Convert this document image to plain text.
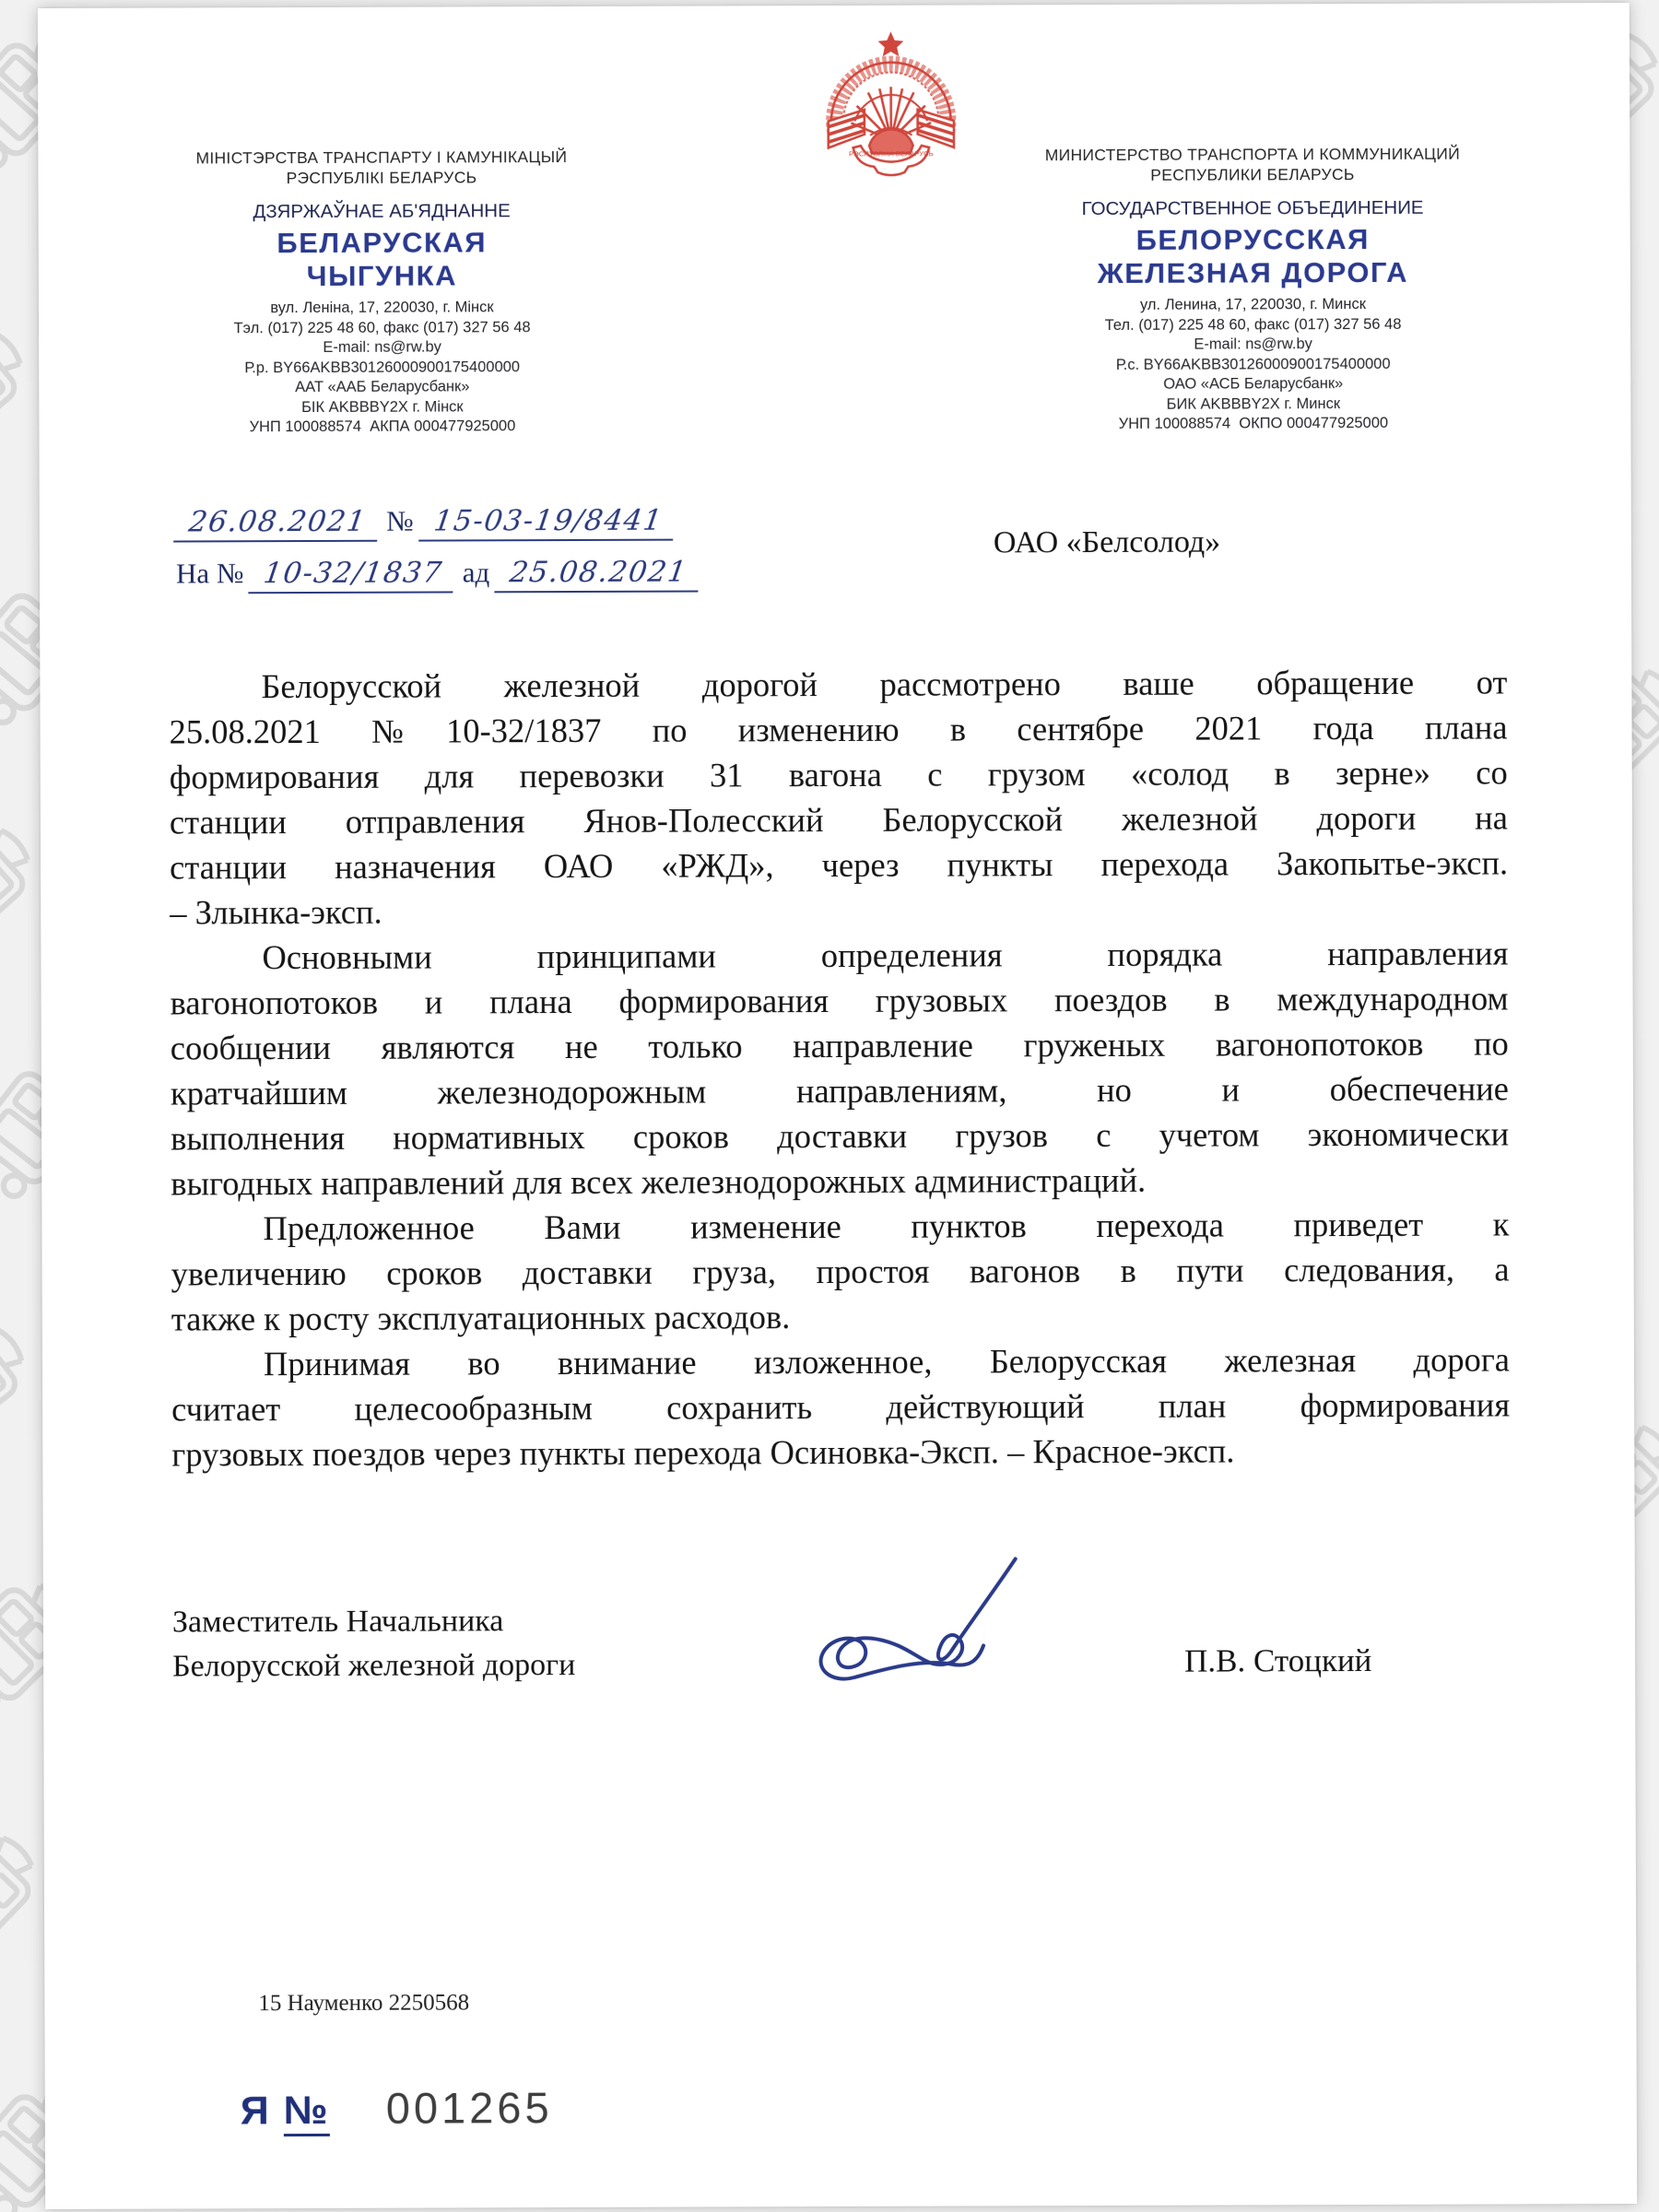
РЭСПУБЛІКА БЕЛАРУСЬ
МІНІСТЭРСТВА ТРАНСПАРТУ І КАМУНІКАЦЫЙ
РЭСПУБЛІКІ БЕЛАРУСЬ
ДЗЯРЖАЎНАЕ АБ'ЯДНАННЕ
БЕЛАРУСКАЯ
ЧЫГУНКА
вул. Леніна, 17, 220030, г. Мінск
Тэл. (017) 225 48 60, факс (017) 327 56 48
E-mail: ns@rw.by
Р.р. BY66AKBB30126000900175400000
ААТ «ААБ Беларусбанк»
БІК AKBBBY2X г. Мінск
УНП 100088574  АКПА 000477925000
МИНИСТЕРСТВО ТРАНСПОРТА И КОММУНИКАЦИЙ
РЕСПУБЛИКИ БЕЛАРУСЬ
ГОСУДАРСТВЕННОЕ ОБЪЕДИНЕНИЕ
БЕЛОРУССКАЯ
ЖЕЛЕЗНАЯ ДОРОГА
ул. Ленина, 17, 220030, г. Минск
Тел. (017) 225 48 60, факс (017) 327 56 48
E-mail: ns@rw.by
Р.с. BY66AKBB30126000900175400000
ОАО «АСБ Беларусбанк»
БИК AKBBBY2X г. Минск
УНП 100088574  ОКПО 000477925000
26.08.2021 № 15-03-19/8441
На № 10-32/1837 ад 25.08.2021
ОАО «Белсолод»
Белорусской железной дорогой рассмотрено ваше обращение от
25.08.2021 №10-32/1837 по изменению в сентябре 2021 года плана
формирования для перевозки 31 вагона с грузом «солод в зерне» со
станции отправления Янов-Полесский Белорусской железной дороги на
станции назначения ОАО «РЖД», через пункты перехода Закопытье-эксп.
– Злынка-эксп.
Основными принципами определения порядка направления
вагонопотоков и плана формирования грузовых поездов в международном
сообщении являются не только направление груженых вагонопотоков по
кратчайшим железнодорожным направлениям, но и обеспечение
выполнения нормативных сроков доставки грузов с учетом экономически
выгодных направлений для всех железнодорожных администраций.
Предложенное Вами изменение пунктов перехода приведет к
увеличению сроков доставки груза, простоя вагонов в пути следования, а
также к росту эксплуатационных расходов.
Принимая во внимание изложенное, Белорусская железная дорога
считает целесообразным сохранить действующий план формирования
грузовых поездов через пункты перехода Осиновка-Эксп. – Красное-эксп.
Заместитель Начальника
Белорусской железной дороги	П.В. Стоцкий
15 Науменко 2250568
Я № 001265
